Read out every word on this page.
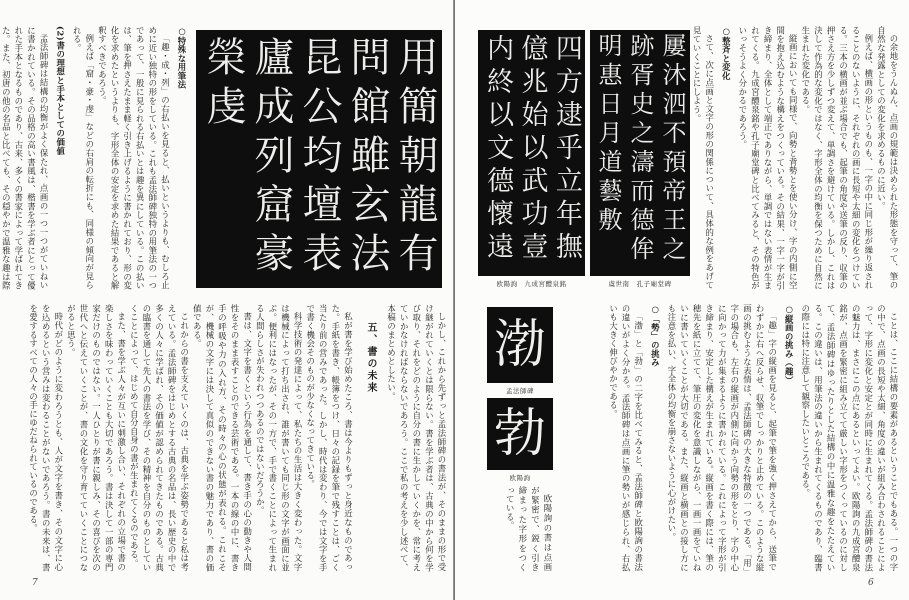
○特殊な用筆法

「趣・成・列」の右払いを見ると、払いというよりも、むしろ止めに近い独特の形をしている。これも孟法師碑独特の用筆法の一つであって、一般に見られる右払いとは趣を異にしている。この払いは、筆を押さえたまま軽く引き上げるように書かれており、形の変化を求めたというよりも、字形全体の安定を求めた結果であると解釈すべきであろう。

例えば「窟・豪・虔」などの右肩の転折にも、同様の傾向が見られる。

(2)書の理想と手本としての価値

孟法師碑は結構の均衡がよく保たれ、点画の一つ一つがていねいに書かれている。その品格の高い書風は、楷書を学ぶ者にとって優れた手本となるものであり、古来、多くの書家によって学ばれてきた。また、初唐の他の名品と比べても、その穏やかで温雅な趣は際

用簡朝龍有
問館雖玄法
昆公均壇表
廬成列窟豪
榮虔

しかし、これから先ずっと孟法師碑の書法が、そのままの形で受け継がれていくとは限らない。書を学ぶ者は、古典の中から何を学び取り、それをどのように自分の書に生かしていくかを、常に考えていかなければならないであろう。ここで私の考えを少し述べて、本稿のまとめとしたい。

五、書の未来

私が書を学び始めたころ、書は今よりもずっと身近なものであった。手紙を書き、帳簿をつけ、日々の記録を筆で残すことは、ごく当たり前の営みであった。しかし、時代は変わり、今では文字を手で書く機会そのものが少なくなってきている。

科学技術の発達によって、私たちの生活は大きく変わった。文字は機械によって打ち出され、誰が書いても同じ形の文字が画面に並ぶ。便利にはなったが、その一方で、手で書くことによって生まれる人間らしさが失われつつあるのではないだろうか。

書は、文字を書くという行為を通して、書き手の心の動きや人間性をそのまま表すことのできる芸術である。一本の線の中に、書き手の呼吸や力の入れ方、その時々の心の状態が表れる。これこそが、機械の文字には決して真似のできない書の魅力であり、書の価値である。

これからの書を支えていくのは、古典を学ぶ姿勢であると私は考えている。孟法師碑をはじめとする古典の名品は、長い歴史の中で多くの人々に学ばれ、その価値が認められてきたものである。古典の臨書を通して先人の書法を学び、その精神を自分のものとしていくことによって、はじめて自分自身の書が生まれてくるのである。

また、書を学ぶ人々が互いに刺激し合い、それぞれの立場で書の楽しさを味わっていくことも大切であろう。書は決して一部の専門家だけのものではない。一人ひとりが書に親しみ、その喜びを次の世代へと伝えていくことが、書の文化を守り育てていくことにつながると思う。

時代がどのように変わろうとも、人が文字を書き、その文字に心を込めるという営みは変わることがないであろう。書の未来は、書を愛するすべての人々の手にゆだねられているのである。

7
四方逮乎立年撫
億兆始以武功壹
内終以文德懷遠	屢沐泗不預帝王之
跡胥史之濤而德侔
明惠日月道藝敷
欧陽詢　九成宮醴泉銘	虞世南　孔子廟堂碑	の余地をうんぬん、点画の規範は決められた形態を守って、筆の自然な発露としての変化を求めるものに近い。

例えば、横画の形というものも、一字の中に同じ形が繰り返されることのないように、それぞれの画に長短や太細の変化をつけている。三本の横画が並ぶ場合でも、起筆の角度や送筆の反り、収筆の押さえ方を少しずつ変えて、単調さを避けている。しかし、これは決して作為的な変化ではなく、字形全体の均衡を保つために自然に生まれた変化である。

縦画においても同様で、向勢と背勢とを使い分け、字の内側に空間を抱え込むような構えをつくっている。その結果、一字一字が引き締まり、全体として端正でありながら、単調ではない表情が生まれてくる。九成宮醴泉銘や孔子廟堂碑と比べてみると、その特色がいっそうよく分かるであろう。

○整斉と変化

さて、次に点画と文字の形の関係について、具体的な例をあげて見ていくことにしよう。

渤
孟法師碑
勃
欧陽詢

欧陽詢の書は点画が緊密で、鋭く引き締まった字形をつくっている。	ことは、ここに結構の要素があるということでもある。一つの字の中で、点画の長短や太細、角度の違いが組み合わされることによって、字形に変化と安定とが同時に生まれてくる。孟法師碑の書法の魅力は、まさにこの点にあるといってよい。欧陽詢の九成宮醴泉銘が、点画を緊密に組み立てて厳しい字形をつくっているのに対して、孟法師碑はゆったりとした結構の中に温雅な趣をたたえている。この違いは、用筆法の違いから生まれてくるものであり、臨書の際には特に注意して観察したいところである。

○縦画の挑み（趣）

「趣」字の縦画を見ると、起筆で筆を強く押さえてから、送筆でわずかに右へ反らせ、収筆でしっかりと止めている。このような縦画の挑むような表情は、孟法師碑の大きな特徴の一つである。「用」字の場合も、左右の縦画が内側に向かう向勢の形をとり、字の中心に向かって力が集まるように書かれている。これによって字形が引き締まり、安定した構えが生まれている。縦画を書く際には、筆の穂先を紙に立てて、筆圧の変化を意識しながら、一画一画をていねいに書いていくことが大切である。また、縦画と横画との接し方にも注意を払い、字全体の均衡を崩さないように心がけたい。

○「勢」の挑み

「渤」と「勃」の二字を比べてみると、孟法師碑と欧陽詢の書法の違いがよく分かる。孟法師碑は点画に筆の勢いが感じられ、右払いも大きく伸びやかである。

6
